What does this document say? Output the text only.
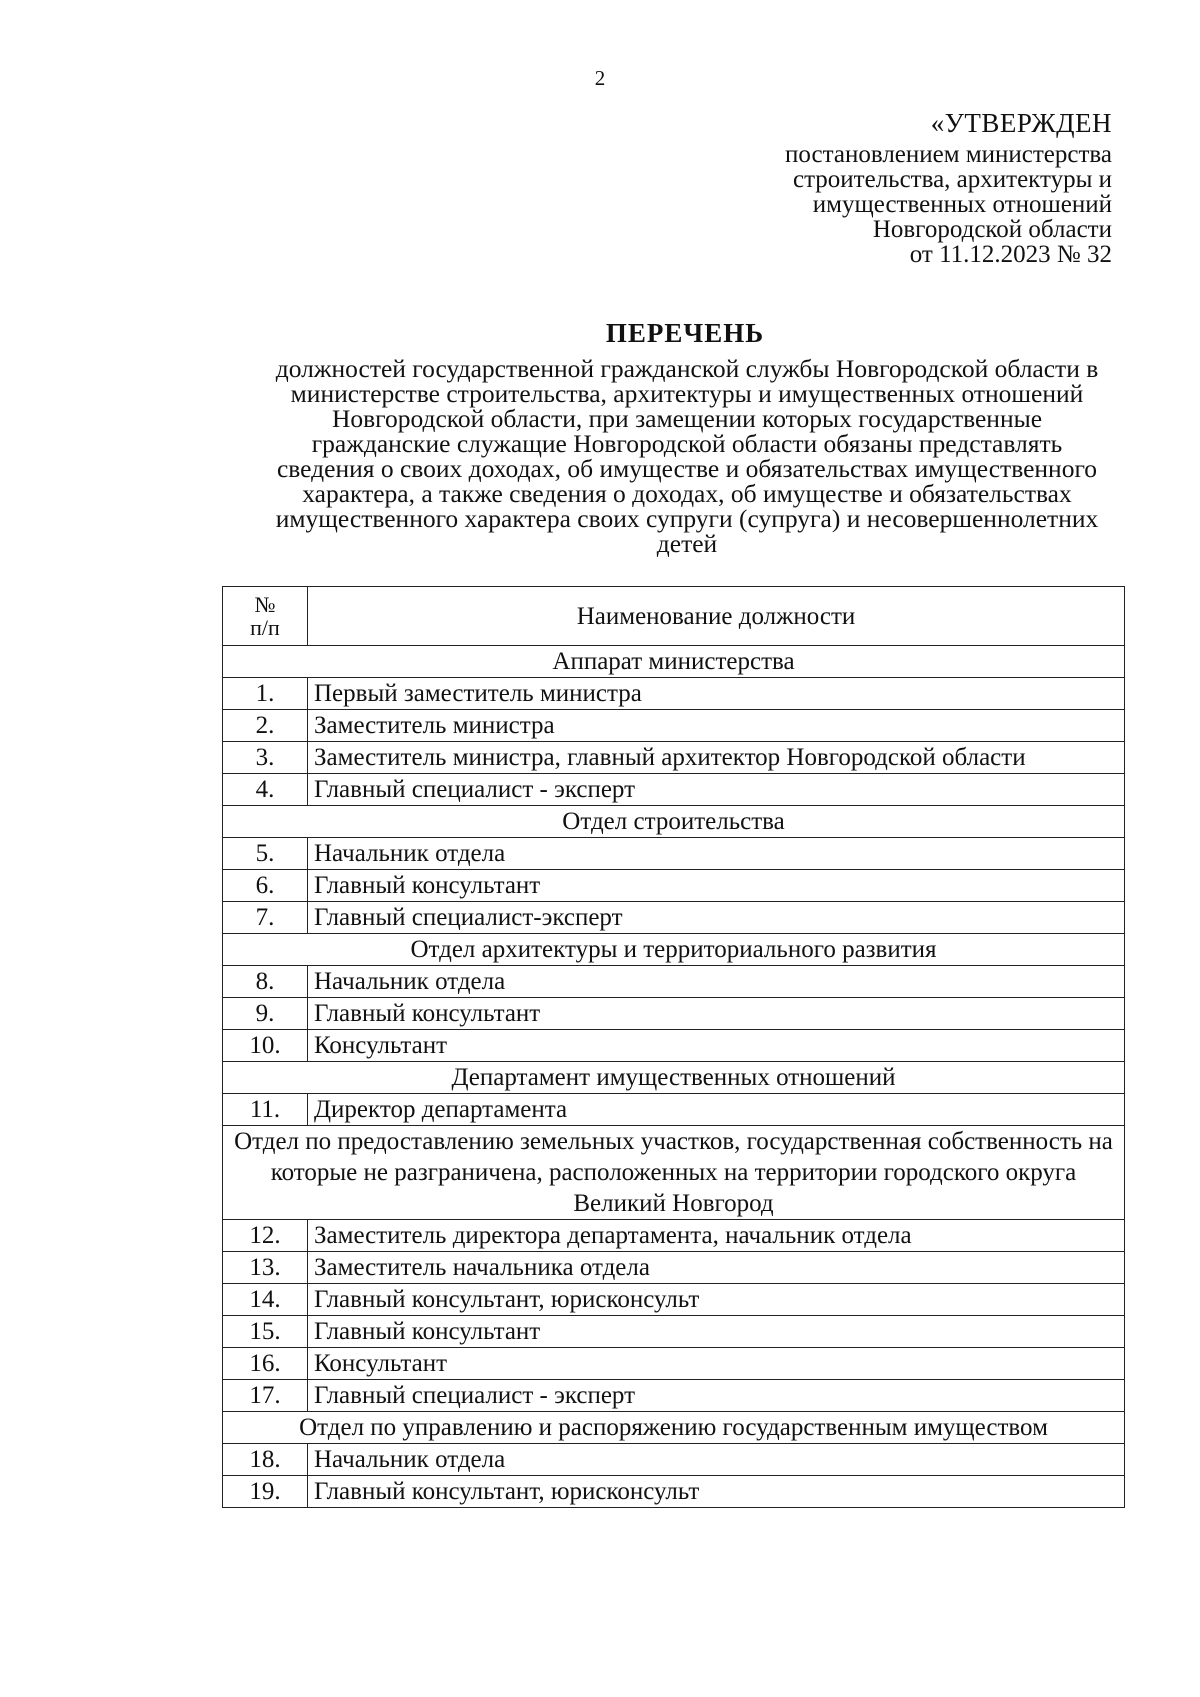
2
«УТВЕРЖДЕН
постановлением министерства
строительства, архитектуры и
имущественных отношений
Новгородской области
от 11.12.2023 № 32
ПЕРЕЧЕНЬ
должностей государственной гражданской службы Новгородской области в
министерстве строительства, архитектуры и имущественных отношений
Новгородской области, при замещении которых государственные
гражданские служащие Новгородской области обязаны представлять
сведения о своих доходах, об имуществе и обязательствах имущественного
характера, а также сведения о доходах, об имуществе и обязательствах
имущественного характера своих супруги (супруга) и несовершеннолетних
детей
№
п/п	Наименование должности
Аппарат министерства	
1.	Первый заместитель министра
2.	Заместитель министра
3.	Заместитель министра, главный архитектор Новгородской области
4.	Главный специалист - эксперт
Отдел строительства	
5.	Начальник отдела
6.	Главный консультант
7.	Главный специалист-эксперт
Отдел архитектуры и территориального развития	
8.	Начальник отдела
9.	Главный консультант
10.	Консультант
Департамент имущественных отношений	
11.	Директор департамента
Отдел по предоставлению земельных участков, государственная собственность на которые не разграничена, расположенных на территории городского округа Великий Новгород	
12.	Заместитель директора департамента, начальник отдела
13.	Заместитель начальника отдела
14.	Главный консультант, юрисконсульт
15.	Главный консультант
16.	Консультант
17.	Главный специалист - эксперт
Отдел по управлению и распоряжению государственным имуществом	
18.	Начальник отдела
19.	Главный консультант, юрисконсульт
